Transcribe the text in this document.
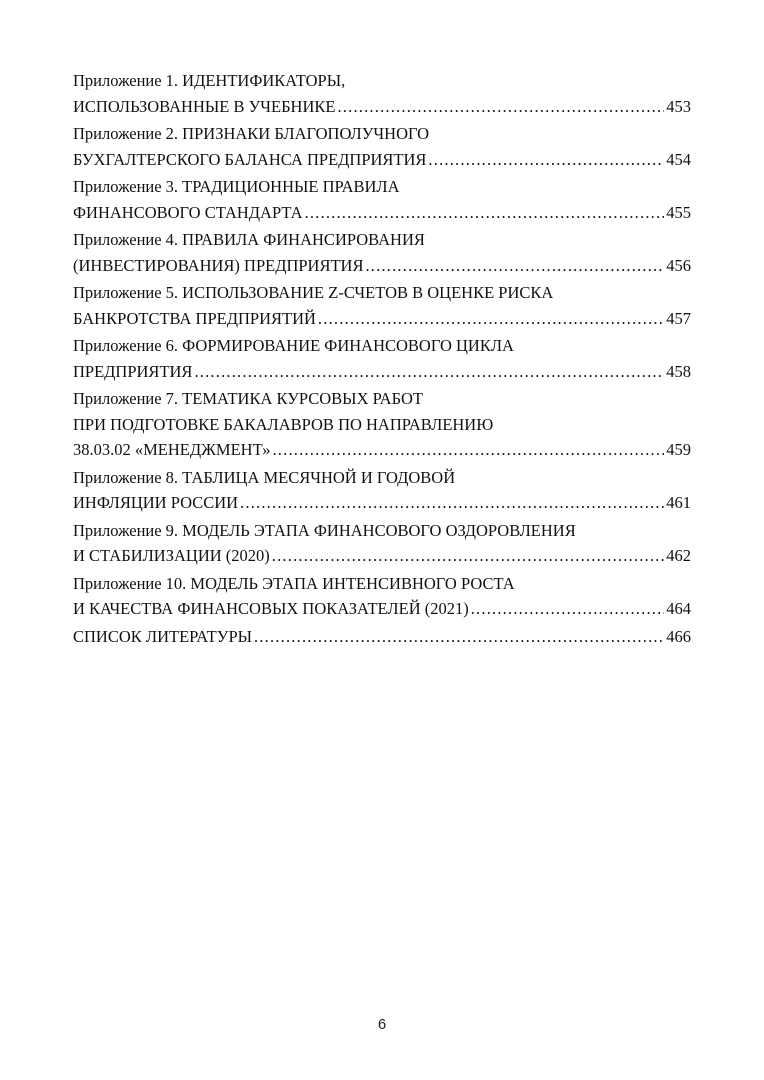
Приложение 1. ИДЕНТИФИКАТОРЫ,
ИСПОЛЬЗОВАННЫЕ В УЧЕБНИКЕ .....	453
Приложение 2. ПРИЗНАКИ БЛАГОПОЛУЧНОГО
БУХГАЛТЕРСКОГО БАЛАНСА ПРЕДПРИЯТИЯ .....	454
Приложение 3. ТРАДИЦИОННЫЕ ПРАВИЛА
ФИНАНСОВОГО СТАНДАРТА .....	455
Приложение 4. ПРАВИЛА ФИНАНСИРОВАНИЯ
(ИНВЕСТИРОВАНИЯ) ПРЕДПРИЯТИЯ .....	456
Приложение 5. ИСПОЛЬЗОВАНИЕ Z-СЧЕТОВ В ОЦЕНКЕ РИСКА
БАНКРОТСТВА ПРЕДПРИЯТИЙ .....	457
Приложение 6. ФОРМИРОВАНИЕ ФИНАНСОВОГО ЦИКЛА
ПРЕДПРИЯТИЯ .....	458
Приложение 7. ТЕМАТИКА КУРСОВЫХ РАБОТ
ПРИ ПОДГОТОВКЕ БАКАЛАВРОВ ПО НАПРАВЛЕНИЮ
38.03.02 «МЕНЕДЖМЕНТ» .....	459
Приложение 8. ТАБЛИЦА МЕСЯЧНОЙ И ГОДОВОЙ
ИНФЛЯЦИИ РОССИИ .....	461
Приложение 9. МОДЕЛЬ ЭТАПА ФИНАНСОВОГО ОЗДОРОВЛЕНИЯ
И СТАБИЛИЗАЦИИ (2020) .....	462
Приложение 10. МОДЕЛЬ ЭТАПА ИНТЕНСИВНОГО РОСТА
И КАЧЕСТВА ФИНАНСОВЫХ ПОКАЗАТЕЛЕЙ (2021) .....	464
СПИСОК ЛИТЕРАТУРЫ .....	466
6
